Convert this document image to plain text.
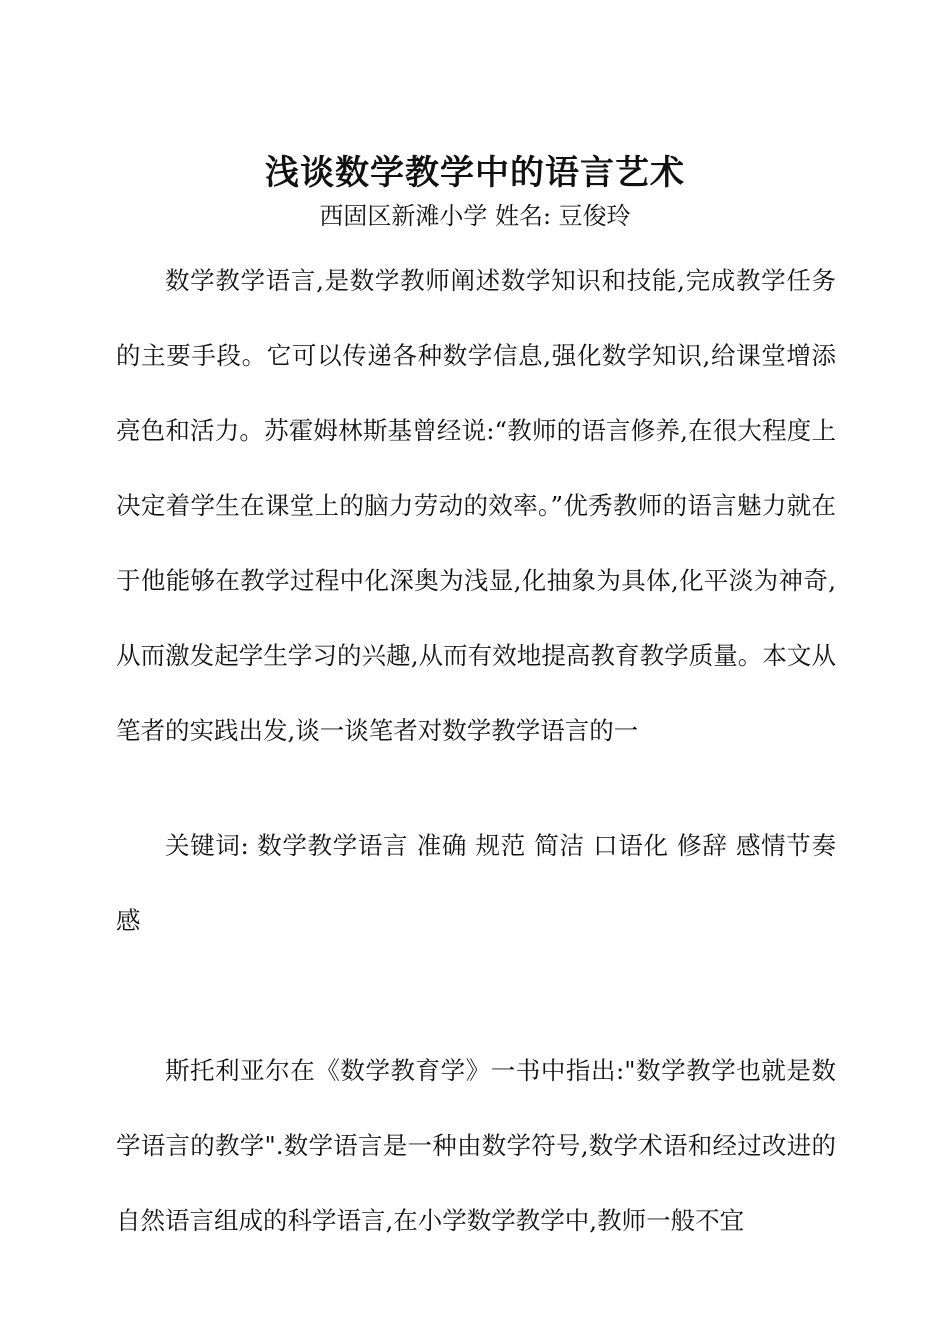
浅谈数学教学中的语言艺术
西固区新滩小学 姓名: 豆俊玲

数学教学语言,是数学教师阐述数学知识和技能,完成教学任务的主要手段。它可以传递各种数学信息,强化数学知识,给课堂增添亮色和活力。苏霍姆林斯基曾经说:“教师的语言修养,在很大程度上决定着学生在课堂上的脑力劳动的效率。”优秀教师的语言魅力就在于他能够在教学过程中化深奥为浅显,化抽象为具体,化平淡为神奇,从而激发起学生学习的兴趣,从而有效地提高教育教学质量。本文从笔者的实践出发,谈一谈笔者对数学教学语言的一

关键词: 数学教学语言 准确 规范 简洁 口语化 修辞 感情节奏感

斯托利亚尔在《数学教育学》一书中指出:"数学教学也就是数学语言的教学".数学语言是一种由数学符号,数学术语和经过改进的自然语言组成的科学语言,在小学数学教学中,教师一般不宜
